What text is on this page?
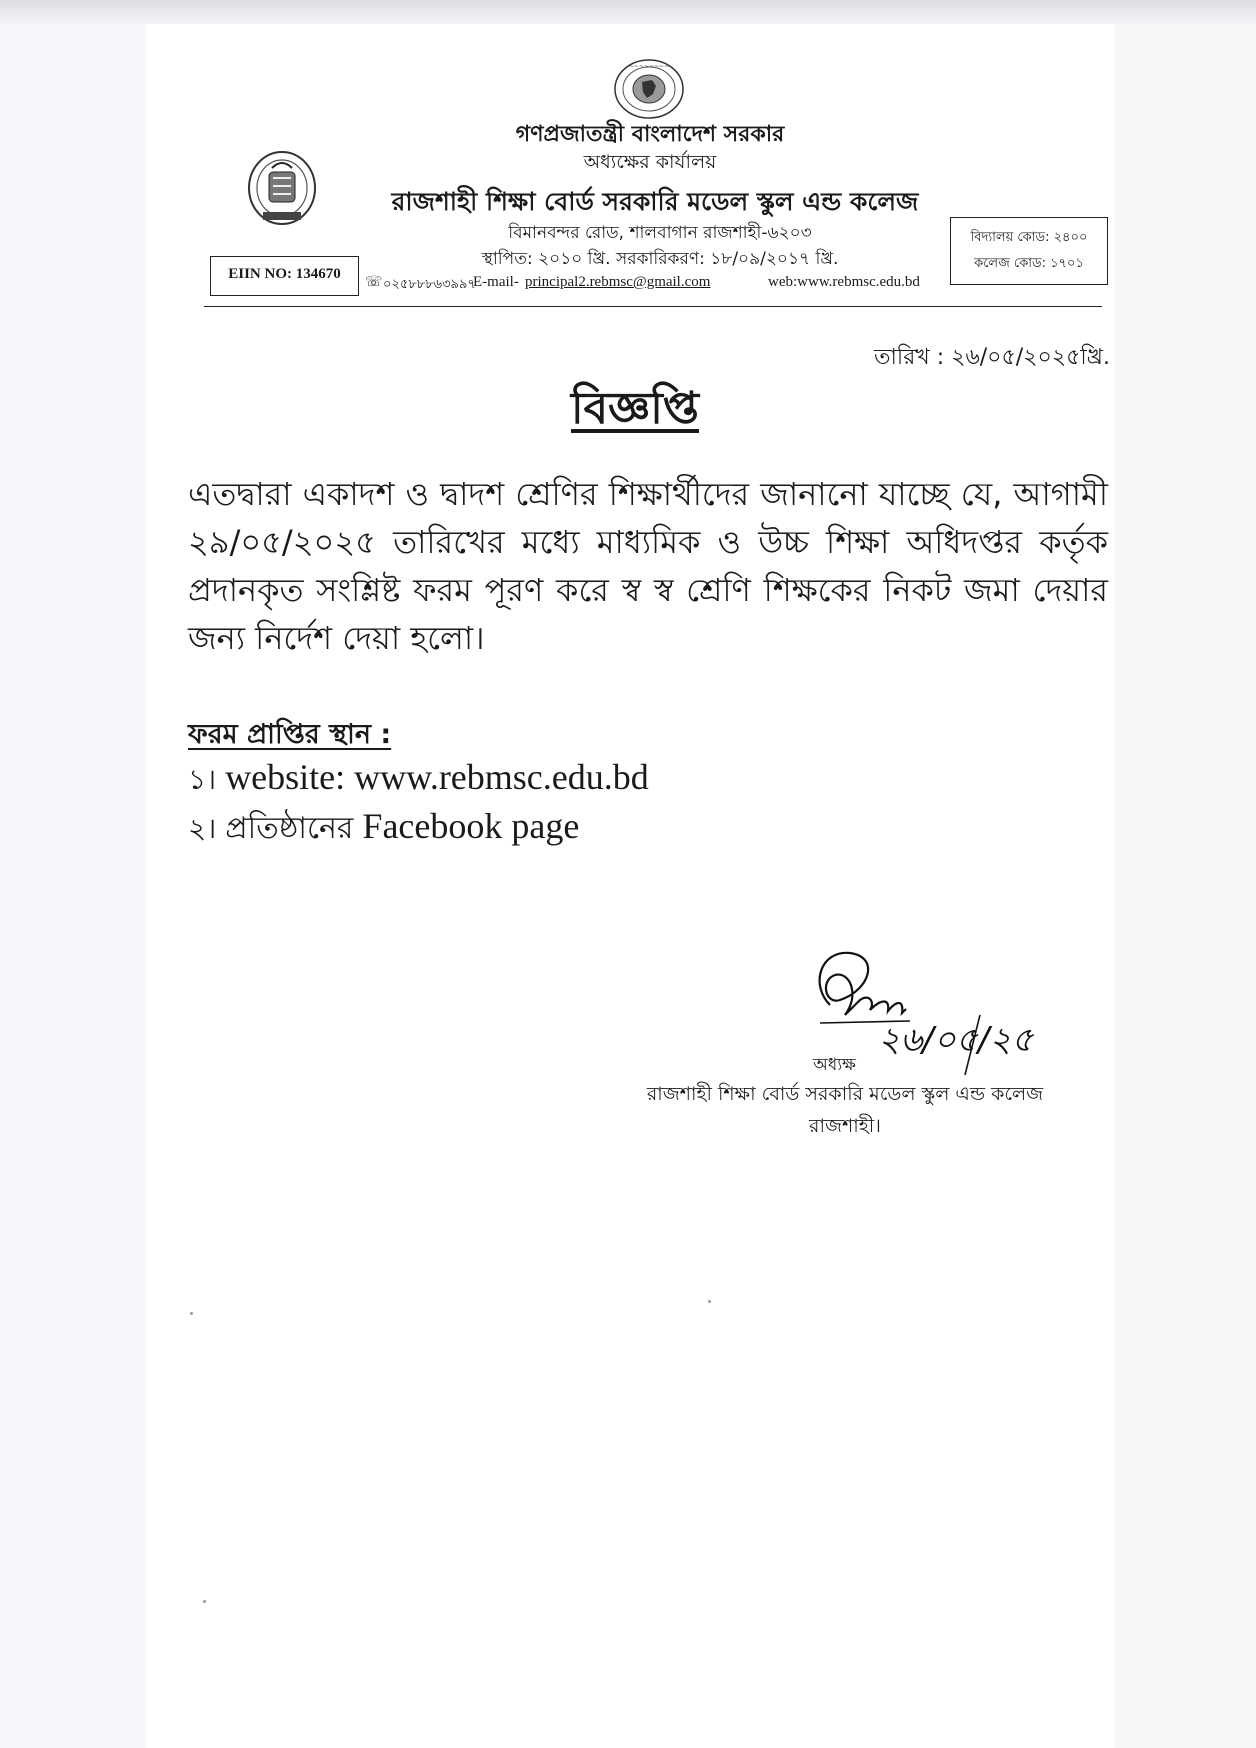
~~~~~~~~
গণপ্রজাতন্ত্রী বাংলাদেশ সরকার
অধ্যক্ষের কার্যালয়
রাজশাহী শিক্ষা বোর্ড সরকারি মডেল স্কুল এন্ড কলেজ
বিমানবন্দর রোড, শালবাগান রাজশাহী-৬২০৩
স্থাপিত: ২০১০ খ্রি. সরকারিকরণ: ১৮/০৯/২০১৭ খ্রি.
EIIN NO: 134670
বিদ্যালয় কোড: ২৪০০
কলেজ কোড: ১৭০১
☏ ০২৫৮৮৮৬৩৯৯৭
E-mail- principal2.rebmsc@gmail.com	web:www.rebmsc.edu.bd
তারিখ : ২৬/০৫/২০২৫খ্রি.
বিজ্ঞপ্তি
এতদ্বারা একাদশ ও দ্বাদশ শ্রেণির শিক্ষার্থীদের জানানো যাচ্ছে যে, আগামী ২৯/০৫/২০২৫ তারিখের মধ্যে মাধ্যমিক ও উচ্চ শিক্ষা অধিদপ্তর কর্তৃক প্রদানকৃত সংশ্লিষ্ট ফরম পূরণ করে স্ব স্ব শ্রেণি শিক্ষকের নিকট জমা দেয়ার জন্য নির্দেশ দেয়া হলো।
ফরম প্রাপ্তির স্থান :
১। website: www.rebmsc.edu.bd
২। প্রতিষ্ঠানের Facebook page
২৬/০৫/২৫
অধ্যক্ষ
রাজশাহী শিক্ষা বোর্ড সরকারি মডেল স্কুল এন্ড কলেজ
রাজশাহী।
